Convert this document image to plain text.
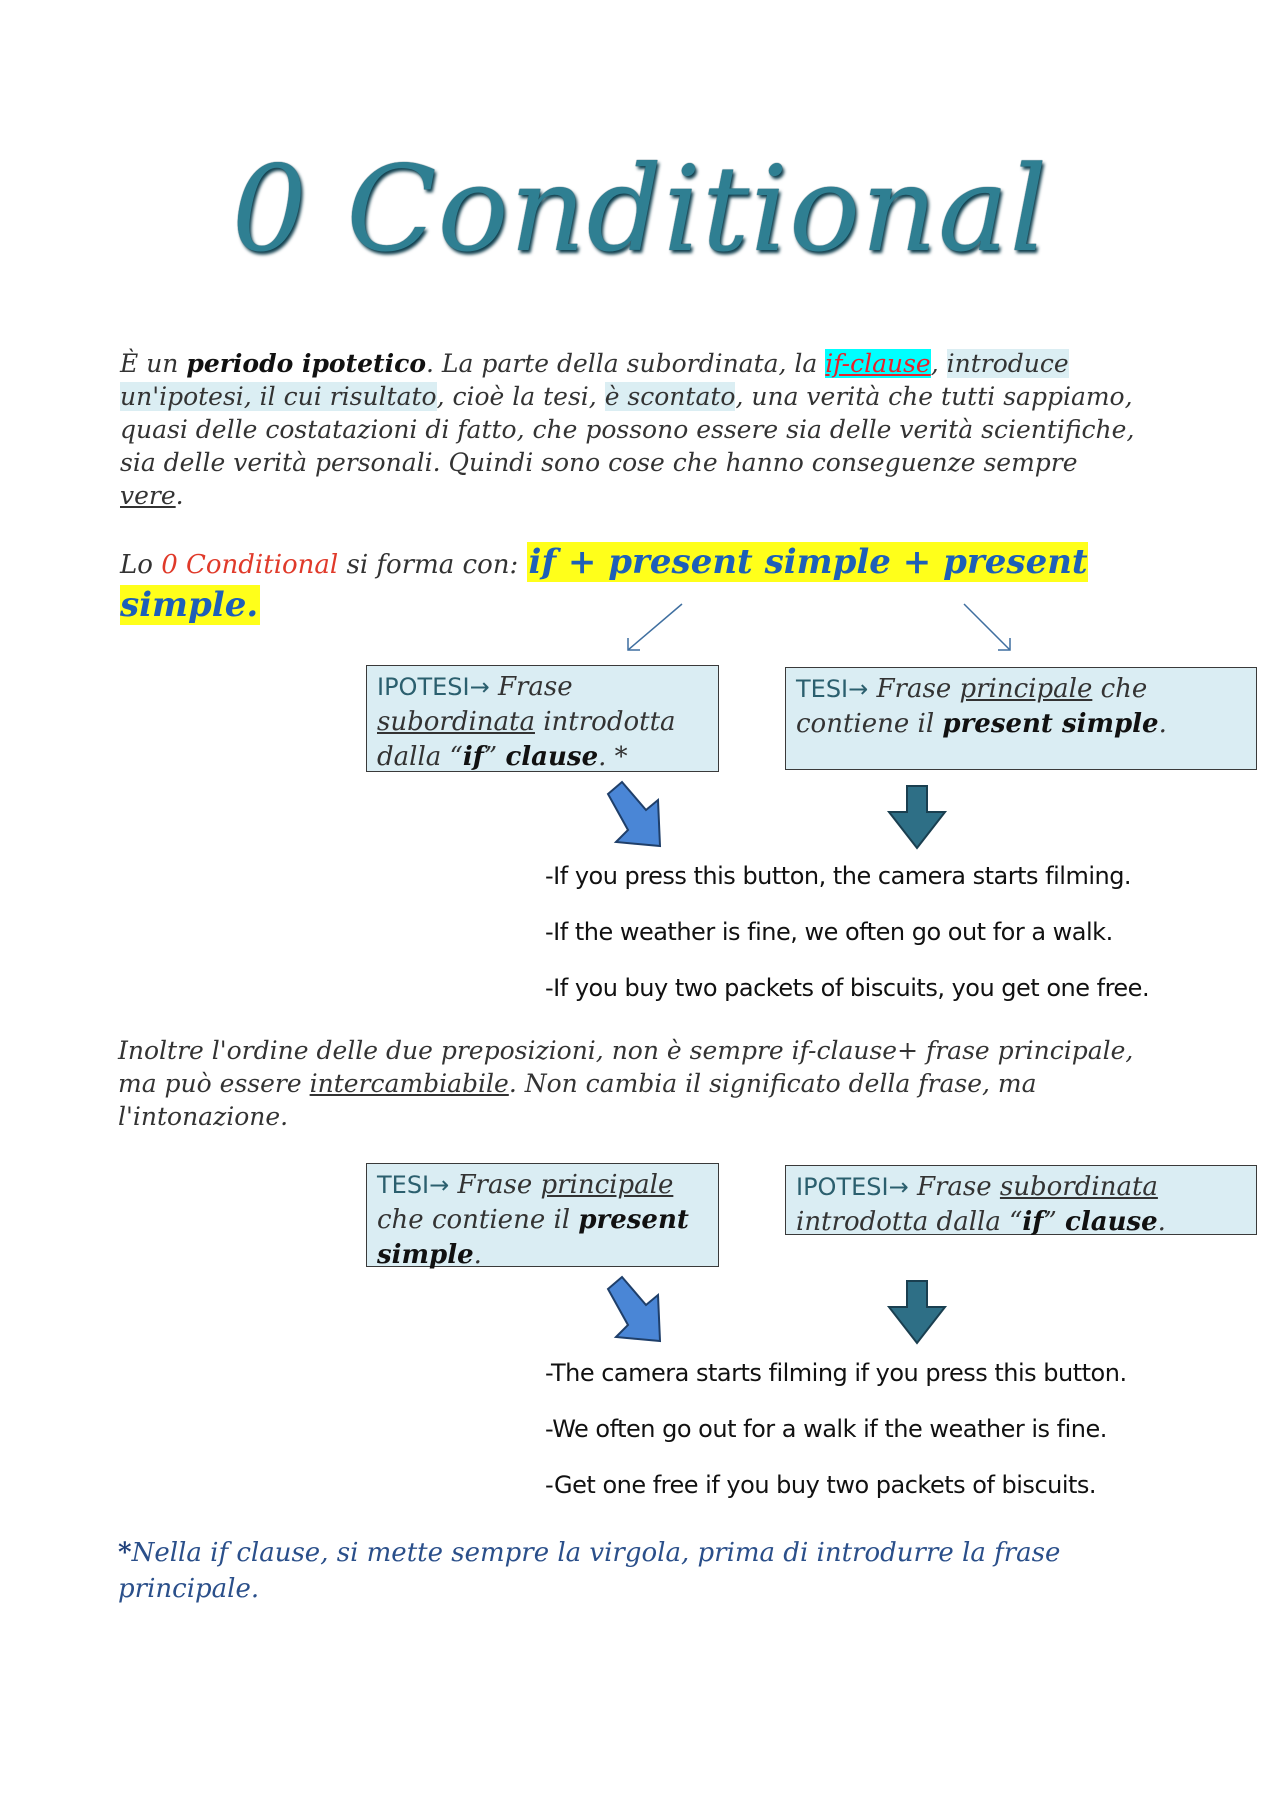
0 Conditional
È un periodo ipotetico. La parte della subordinata, la if-clause, introduce un'ipotesi, il cui risultato, cioè la tesi, è scontato, una verità che tutti sappiamo, quasi delle costatazioni di fatto, che possono essere sia delle verità scientifiche, sia delle verità personali. Quindi sono cose che hanno conseguenze sempre vere.
Lo 0 Conditional si forma con: if + present simple + present simple.
IPOTESI→ Frase subordinata introdotta dalla “if” clause. *
TESI→ Frase principale che contiene il present simple.
-If you press this button, the camera starts filming.
-If the weather is fine, we often go out for a walk.
-If you buy two packets of biscuits, you get one free.
Inoltre l'ordine delle due preposizioni, non è sempre if-clause+ frase principale, ma può essere intercambiabile. Non cambia il significato della frase, ma l'intonazione.
TESI→ Frase principale che contiene il present simple.
IPOTESI→ Frase subordinata introdotta dalla “if” clause.
-The camera starts filming if you press this button.
-We often go out for a walk if the weather is fine.
-Get one free if you buy two packets of biscuits.
*Nella if clause, si mette sempre la virgola, prima di introdurre la frase principale.
